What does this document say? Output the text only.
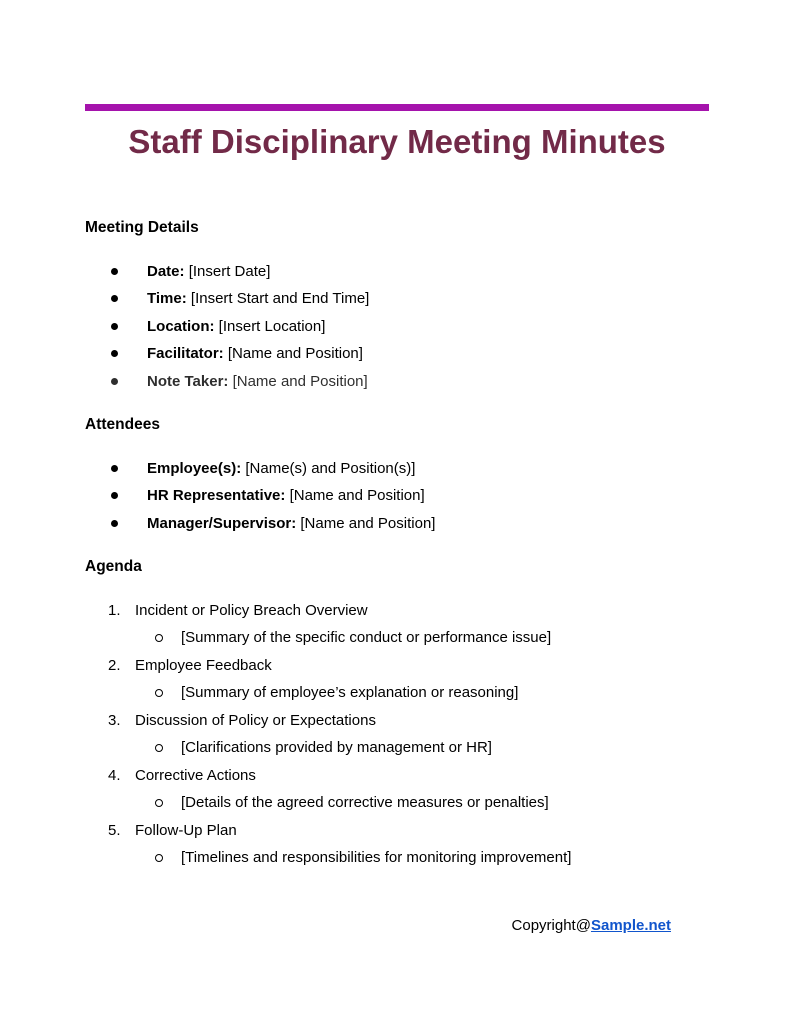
Staff Disciplinary Meeting Minutes
Meeting Details
Date: [Insert Date]
Time: [Insert Start and End Time]
Location: [Insert Location]
Facilitator: [Name and Position]
Note Taker: [Name and Position]
Attendees
Employee(s): [Name(s) and Position(s)]
HR Representative: [Name and Position]
Manager/Supervisor: [Name and Position]
Agenda
1. Incident or Policy Breach Overview
[Summary of the specific conduct or performance issue]
2. Employee Feedback
[Summary of employee’s explanation or reasoning]
3. Discussion of Policy or Expectations
[Clarifications provided by management or HR]
4. Corrective Actions
[Details of the agreed corrective measures or penalties]
5. Follow-Up Plan
[Timelines and responsibilities for monitoring improvement]
Copyright@Sample.net
